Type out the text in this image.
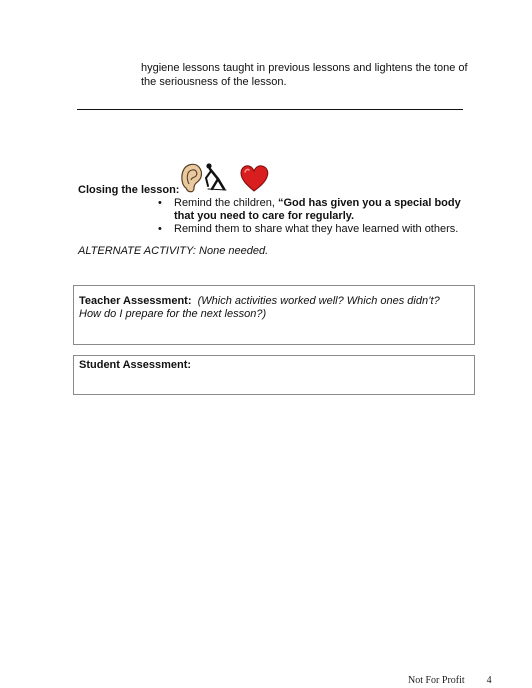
hygiene lessons taught in previous lessons and lightens the tone of the seriousness of the lesson.
Closing the lesson:
• Remind the children, “God has given you a special body that you need to care for regularly.
• Remind them to share what they have learned with others.
ALTERNATE ACTIVITY: None needed.
Teacher Assessment: (Which activities worked well? Which ones didn’t? How do I prepare for the next lesson?)
Student Assessment:
Not For Profit 4
